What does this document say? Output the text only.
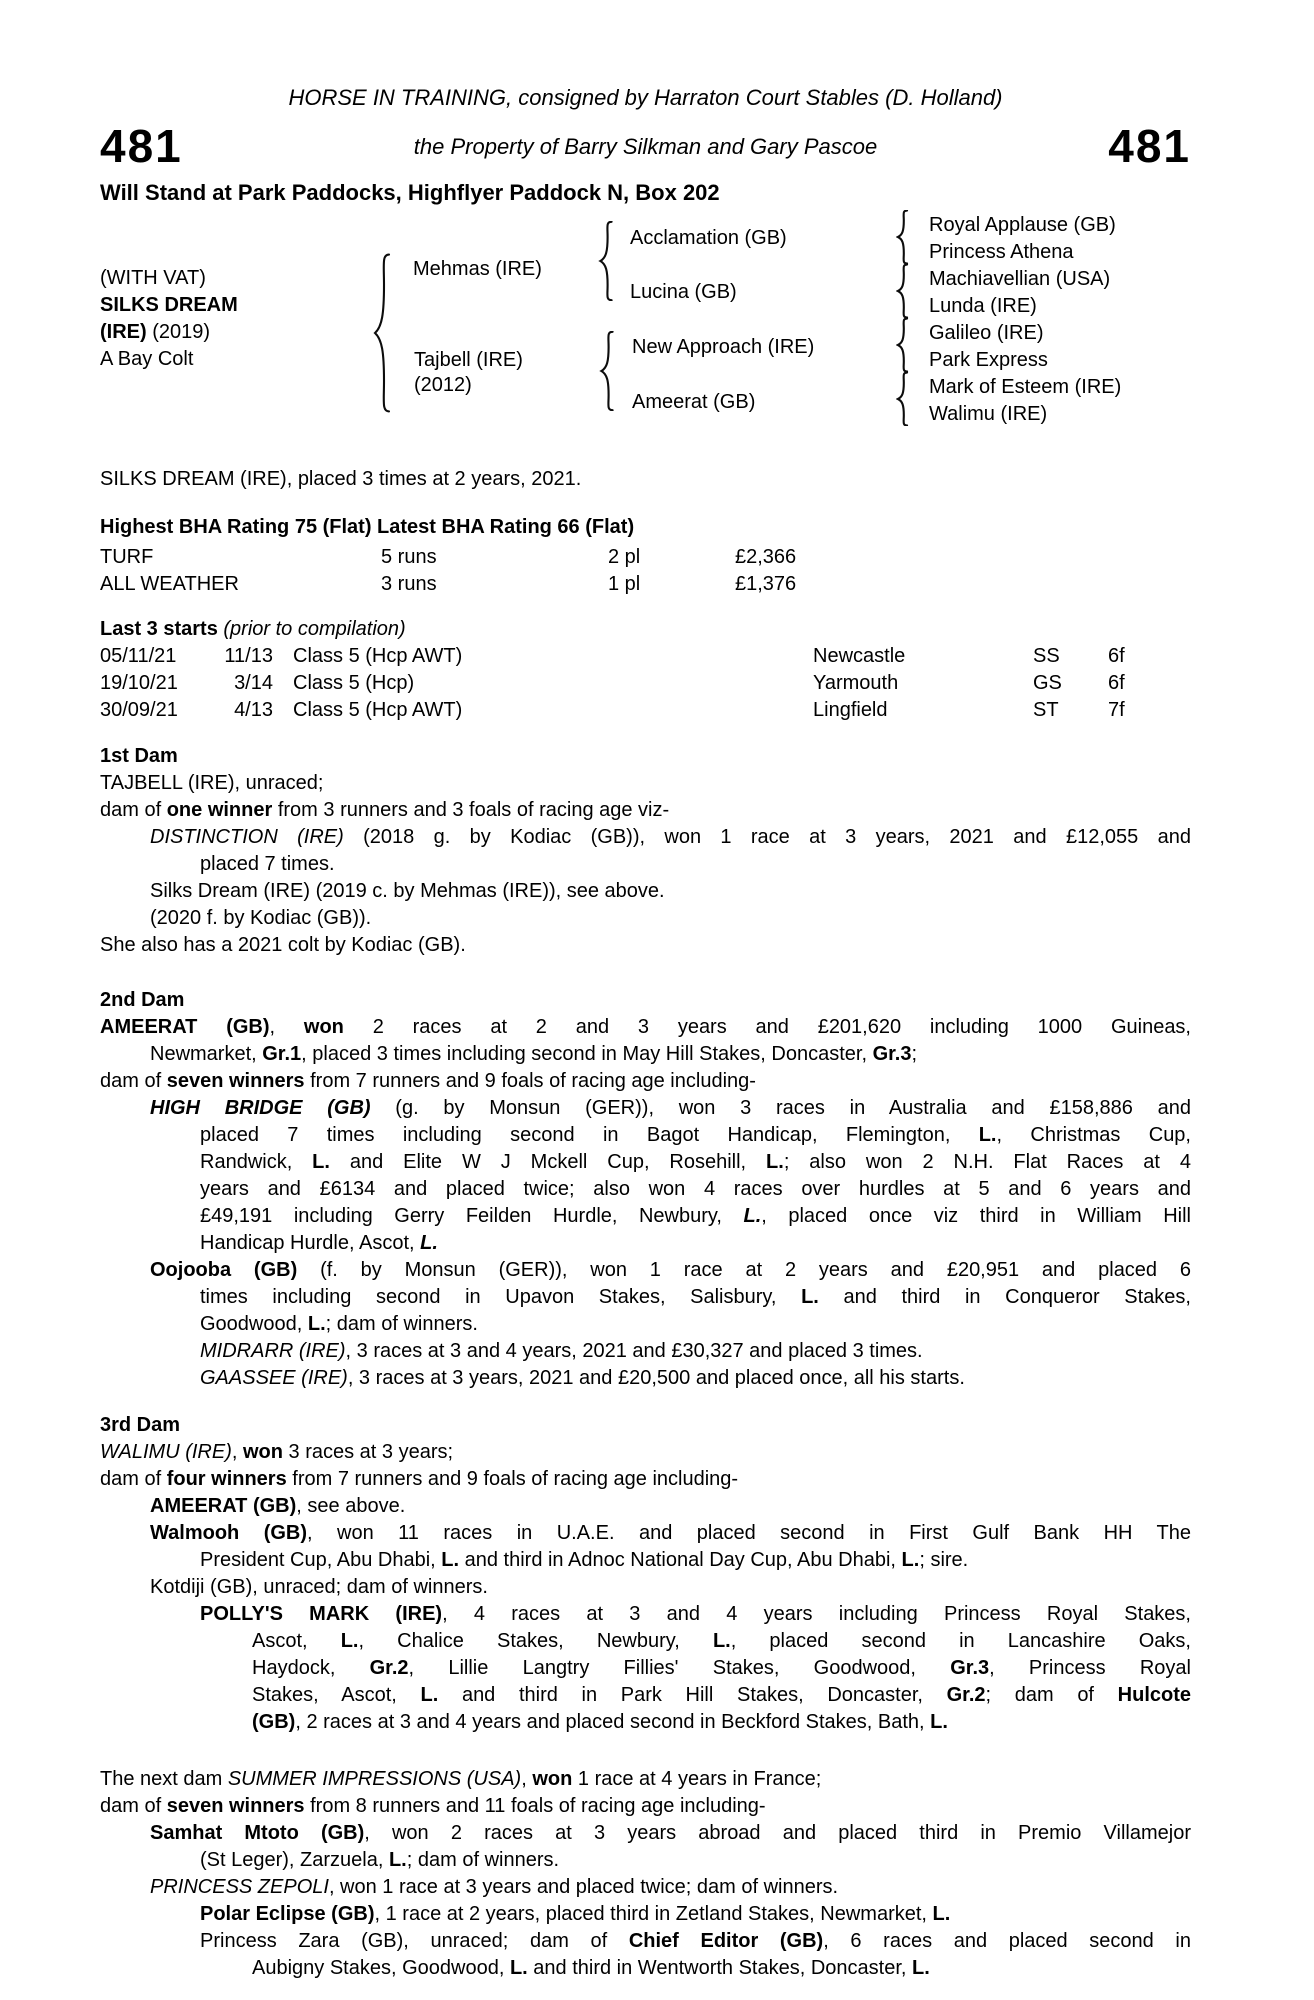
HORSE IN TRAINING, consigned by Harraton Court Stables (D. Holland)
481	the Property of Barry Silkman and Gary Pascoe	481
Will Stand at Park Paddocks, Highflyer Paddock N, Box 202
(WITH VAT)
SILKS DREAM
(IRE) (2019)
A Bay Colt
Mehmas (IRE)
Tajbell (IRE)
(2012)
Acclamation (GB)
Lucina (GB)
New Approach (IRE)
Ameerat (GB)
Royal Applause (GB)
Princess Athena
Machiavellian (USA)
Lunda (IRE)
Galileo (IRE)
Park Express
Mark of Esteem (IRE)
Walimu (IRE)
SILKS DREAM (IRE), placed 3 times at 2 years, 2021.
Highest BHA Rating 75 (Flat) Latest BHA Rating 66 (Flat)
TURF	5 runs	2 pl	£2,366
ALL WEATHER	3 runs	1 pl	£1,376
Last 3 starts (prior to compilation)
05/11/21	11/13 Class 5 (Hcp AWT)	Newcastle	SS 6f
19/10/21	3/14 Class 5 (Hcp)	Yarmouth	GS 6f
30/09/21	4/13 Class 5 (Hcp AWT)	Lingfield	ST 7f
1st Dam
TAJBELL (IRE), unraced;
dam of one winner from 3 runners and 3 foals of racing age viz-
DISTINCTION (IRE) (2018 g. by Kodiac (GB)), won 1 race at 3 years, 2021 and £12,055 and
placed 7 times.
Silks Dream (IRE) (2019 c. by Mehmas (IRE)), see above.
(2020 f. by Kodiac (GB)).
She also has a 2021 colt by Kodiac (GB).
2nd Dam
AMEERAT (GB), won 2 races at 2 and 3 years and £201,620 including 1000 Guineas,
Newmarket, Gr.1, placed 3 times including second in May Hill Stakes, Doncaster, Gr.3;
dam of seven winners from 7 runners and 9 foals of racing age including-
HIGH BRIDGE (GB) (g. by Monsun (GER)), won 3 races in Australia and £158,886 and
placed 7 times including second in Bagot Handicap, Flemington, L., Christmas Cup,
Randwick, L. and Elite W J Mckell Cup, Rosehill, L.; also won 2 N.H. Flat Races at 4
years and £6134 and placed twice; also won 4 races over hurdles at 5 and 6 years and
£49,191 including Gerry Feilden Hurdle, Newbury, L., placed once viz third in William Hill
Handicap Hurdle, Ascot, L.
Oojooba (GB) (f. by Monsun (GER)), won 1 race at 2 years and £20,951 and placed 6
times including second in Upavon Stakes, Salisbury, L. and third in Conqueror Stakes,
Goodwood, L.; dam of winners.
MIDRARR (IRE), 3 races at 3 and 4 years, 2021 and £30,327 and placed 3 times.
GAASSEE (IRE), 3 races at 3 years, 2021 and £20,500 and placed once, all his starts.
3rd Dam
WALIMU (IRE), won 3 races at 3 years;
dam of four winners from 7 runners and 9 foals of racing age including-
AMEERAT (GB), see above.
Walmooh (GB), won 11 races in U.A.E. and placed second in First Gulf Bank HH The
President Cup, Abu Dhabi, L. and third in Adnoc National Day Cup, Abu Dhabi, L.; sire.
Kotdiji (GB), unraced; dam of winners.
POLLY'S MARK (IRE), 4 races at 3 and 4 years including Princess Royal Stakes,
Ascot, L., Chalice Stakes, Newbury, L., placed second in Lancashire Oaks,
Haydock, Gr.2, Lillie Langtry Fillies' Stakes, Goodwood, Gr.3, Princess Royal
Stakes, Ascot, L. and third in Park Hill Stakes, Doncaster, Gr.2; dam of Hulcote
(GB), 2 races at 3 and 4 years and placed second in Beckford Stakes, Bath, L.
The next dam SUMMER IMPRESSIONS (USA), won 1 race at 4 years in France;
dam of seven winners from 8 runners and 11 foals of racing age including-
Samhat Mtoto (GB), won 2 races at 3 years abroad and placed third in Premio Villamejor
(St Leger), Zarzuela, L.; dam of winners.
PRINCESS ZEPOLI, won 1 race at 3 years and placed twice; dam of winners.
Polar Eclipse (GB), 1 race at 2 years, placed third in Zetland Stakes, Newmarket, L.
Princess Zara (GB), unraced; dam of Chief Editor (GB), 6 races and placed second in
Aubigny Stakes, Goodwood, L. and third in Wentworth Stakes, Doncaster, L.
